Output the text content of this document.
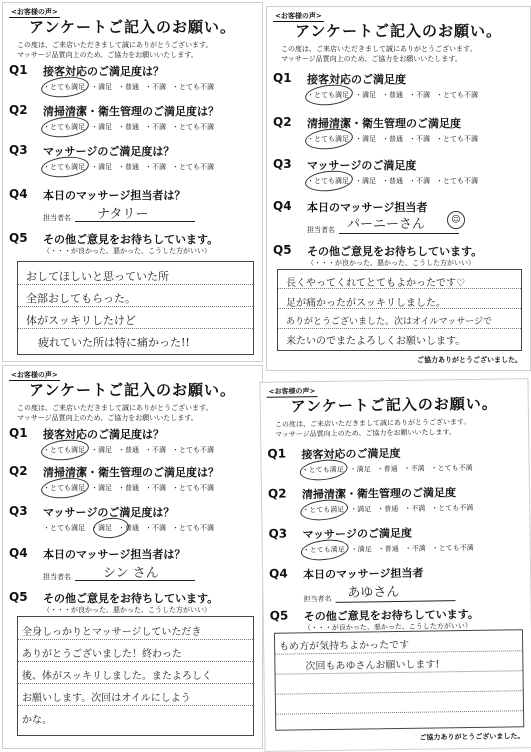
<お客様の声>
アンケートご記入のお願い。
この度は、ご来店いただきまして誠にありがとうございます。
マッサージ品質向上のため、ご協力をお願いいたします。
Q1 接客対応のご満足度は？
・とても満足 ・満足 ・普通 ・不満 ・とても不満
Q2 清掃清潔・衛生管理のご満足度は？
・とても満足 ・満足 ・普通 ・不満 ・とても不満
Q3 マッサージのご満足度は？
・とても満足 ・満足 ・普通 ・不満 ・とても不満
Q4 本日のマッサージ担当者は？
担当者名 ナタリー
Q5 その他ご意見をお待ちしています。
（・・・が良かった、悪かった、こうした方がいい）
おしてほしいと思っていた所
全部おしてもらった。
体がスッキリしたけど
疲れていた所は特に痛かった!!
<お客様の声>
アンケートご記入のお願い。
この度は、ご来店いただきまして誠にありがとうございます。
マッサージ品質向上のため、ご協力をお願いいたします。
Q1 接客対応のご満足度
・とても満足 ・満足 ・普通 ・不満 ・とても不満
Q2 清掃清潔・衛生管理のご満足度
・とても満足 ・満足 ・普通 ・不満 ・とても不満
Q3 マッサージのご満足度
・とても満足 ・満足 ・普通 ・不満 ・とても不満
Q4 本日のマッサージ担当者
担当者名 パーニーさん	☺
Q5 その他ご意見をお待ちしています。
（・・・が良かった、悪かった、こうした方がいい）
長くやってくれてとてもよかったです♡
足が痛かったがスッキリしました。
ありがとうございました。次はオイルマッサージで
来たいのでまたよろしくお願いします。
ご協力ありがとうございました。
<お客様の声>
アンケートご記入のお願い。
この度は、ご来店いただきまして誠にありがとうございます。
マッサージ品質向上のため、ご協力をお願いいたします。
Q1 接客対応のご満足度は？
・とても満足 ・満足 ・普通 ・不満 ・とても不満
Q2 清掃清潔・衛生管理のご満足度は？
・とても満足 ・満足 ・普通 ・不満 ・とても不満
Q3 マッサージのご満足度は？
・とても満足 ・満足 ・普通 ・不満 ・とても不満
Q4 本日のマッサージ担当者は？
担当者名 シン さん
Q5 その他ご意見をお待ちしています。
（・・・が良かった、悪かった、こうした方がいい）
全身しっかりとマッサージしていただき
ありがとうございました！終わった
後、体がスッキリしました。またよろしく
お願いします。次回はオイルにしよう
かな。
<お客様の声>
アンケートご記入のお願い。
この度は、ご来店いただきまして誠にありがとうございます。
マッサージ品質向上のため、ご協力をお願いいたします。
Q1 接客対応のご満足度
・とても満足 ・満足 ・普通 ・不満 ・とても不満
Q2 清掃清潔・衛生管理のご満足度
・とても満足 ・満足 ・普通 ・不満 ・とても不満
Q3 マッサージのご満足度
・とても満足 ・満足 ・普通 ・不満 ・とても不満
Q4 本日のマッサージ担当者
担当者名 あゆさん
Q5 その他ご意見をお待ちしています。
（・・・が良かった、悪かった、こうした方がいい）
もめ方が気持ちよかったです
次回もあゆさんお願いします!
ご協力ありがとうございました。
